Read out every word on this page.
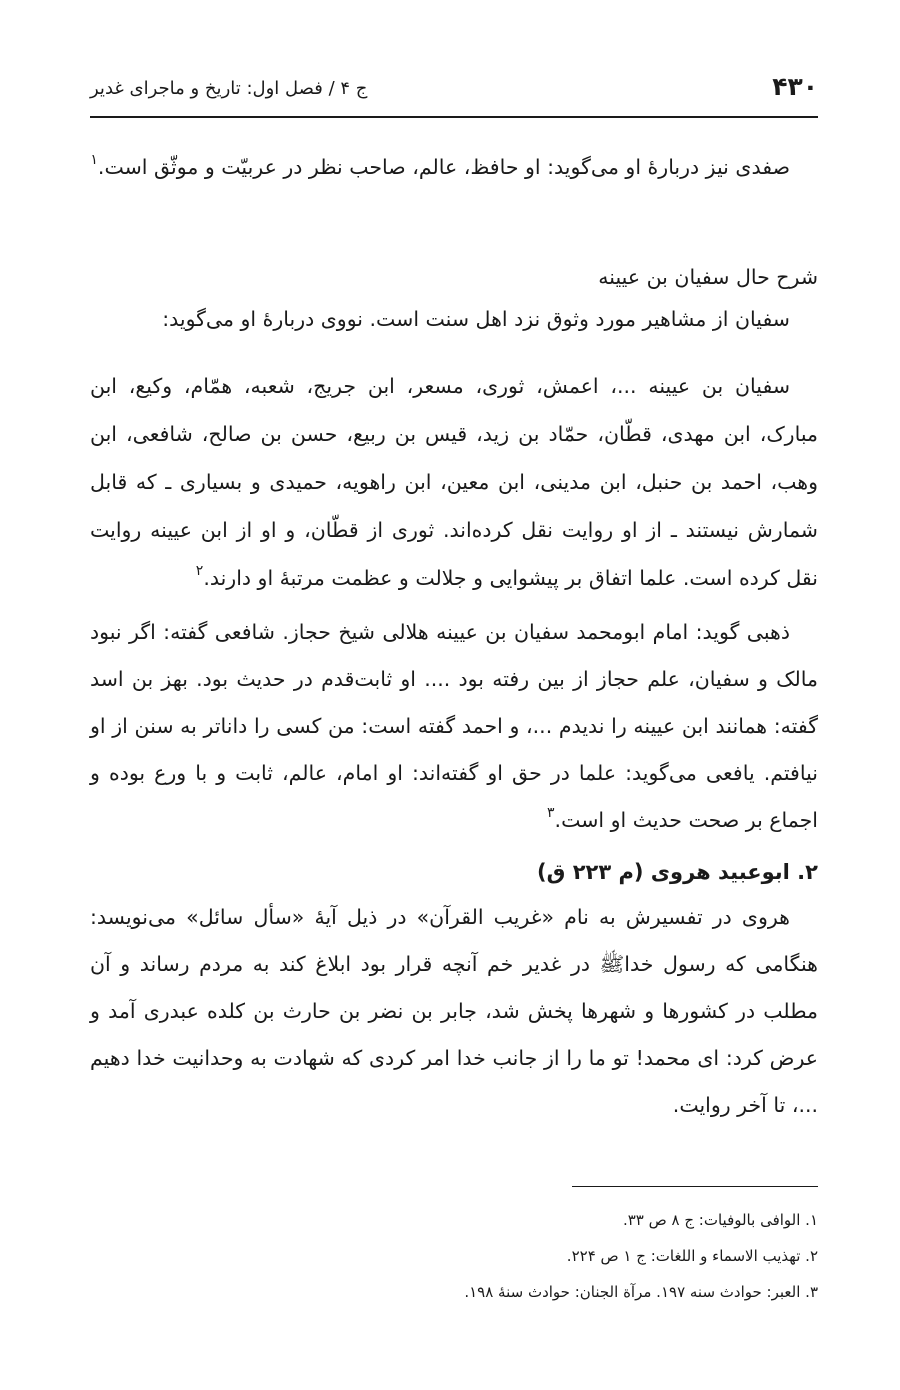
۴۳۰
ج ۴ / فصل اول: تاریخ و ماجرای غدیر

صفدی نیز دربارهٔ او می‌گوید: او حافظ، عالم، صاحب نظر در عربیّت و موثّق است.$^۱$

شرح حال سفیان بن عیینه

سفیان از مشاهیر مورد وثوق نزد اهل سنت است. نووی دربارهٔ او می‌گوید:

سفیان بن عیینه ...، اعمش، ثوری، مسعر، ابن جریج، شعبه، همّام، وکیع، ابن مبارک، ابن مهدی، قطّان، حمّاد بن زید، قیس بن ربیع، حسن بن صالح، شافعی، ابن وهب، احمد بن حنبل، ابن مدینی، ابن معین، ابن راهویه، حمیدی و بسیاری ـ که قابل شمارش نیستند ـ از او روایت نقل کرده‌اند. ثوری از قطّان، و او از ابن عیینه روایت نقل کرده است. علما اتفاق بر پیشوایی و جلالت و عظمت مرتبهٔ او دارند.$^۲$

ذهبی گوید: امام ابومحمد سفیان بن عیینه هلالی شیخ حجاز. شافعی گفته: اگر نبود مالک و سفیان، علم حجاز از بین رفته بود .... او ثابت‌قدم در حدیث بود. بهز بن اسد گفته: همانند ابن عیینه را ندیدم ...، و احمد گفته است: من کسی را داناتر به سنن از او نیافتم. یافعی می‌گوید: علما در حق او گفته‌اند: او امام، عالم، ثابت و با ورع بوده و اجماع بر صحت حدیث او است.$^۳$

۲. ابوعبید هروی (م ۲۲۳ ق)

هروی در تفسیرش به نام «غریب القرآن» در ذیل آیهٔ «سأل سائل» می‌نویسد: هنگامی که رسول خداﷺ در غدیر خم آنچه قرار بود ابلاغ کند به مردم رساند و آن مطلب در کشورها و شهرها پخش شد، جابر بن نضر بن حارث بن کلده عبدری آمد و عرض کرد: ای محمد! تو ما را از جانب خدا امر کردی که شهادت به وحدانیت خدا دهیم ...، تا آخر روایت.

۱. الوافی بالوفیات: ج ۸ ص ۳۳.
۲. تهذیب الاسماء و اللغات: ج ۱ ص ۲۲۴.
۳. العبر: حوادث سنه ۱۹۷. مرآة الجنان: حوادث سنهٔ ۱۹۸.
